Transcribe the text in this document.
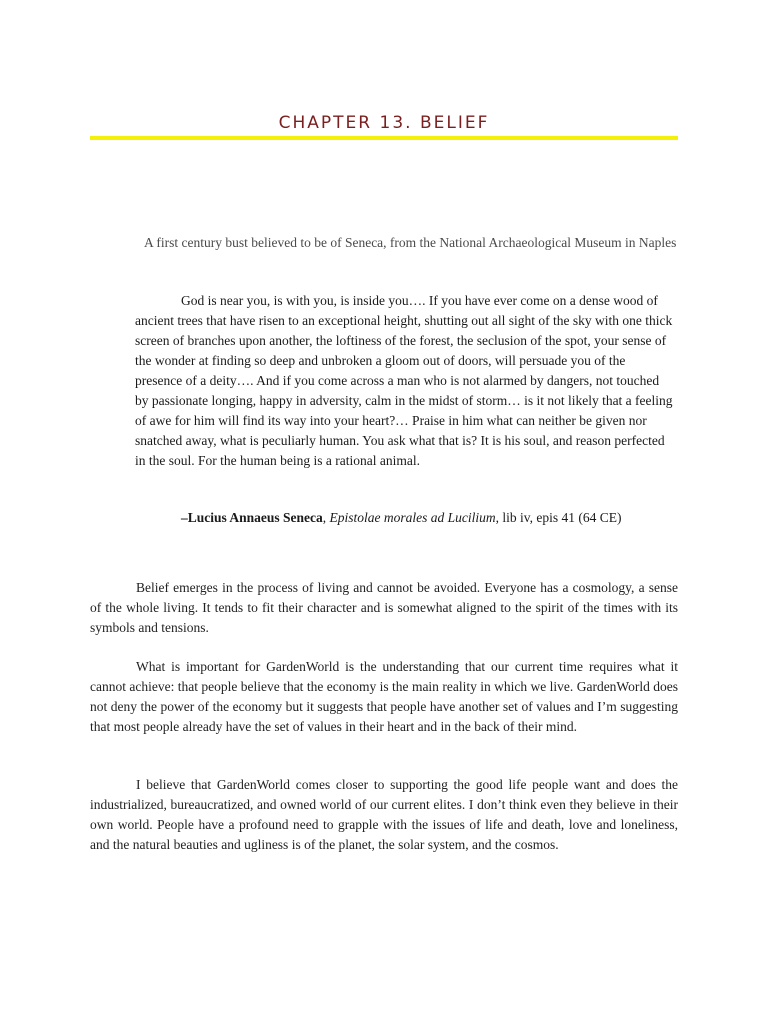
CHAPTER 13. BELIEF
A first century bust believed to be of Seneca, from the National Archaeological Museum in Naples
God is near you, is with you, is inside you…. If you have ever come on a dense wood of ancient trees that have risen to an exceptional height, shutting out all sight of the sky with one thick screen of branches upon another, the loftiness of the forest, the seclusion of the spot, your sense of the wonder at finding so deep and unbroken a gloom out of doors, will persuade you of the presence of a deity…. And if you come across a man who is not alarmed by dangers, not touched by passionate longing, happy in adversity, calm in the midst of storm… is it not likely that a feeling of awe for him will find its way into your heart?… Praise in him what can neither be given nor snatched away, what is peculiarly human. You ask what that is? It is his soul, and reason perfected in the soul. For the human being is a rational animal.
–Lucius Annaeus Seneca, Epistolae morales ad Lucilium, lib iv, epis 41 (64 CE)

Belief emerges in the process of living and cannot be avoided. Everyone has a cosmology, a sense of the whole living. It tends to fit their character and is somewhat aligned to the spirit of the times with its symbols and tensions.

What is important for GardenWorld is the understanding that our current time requires what it cannot achieve: that people believe that the economy is the main reality in which we live. GardenWorld does not deny the power of the economy but it suggests that people have another set of values and I’m suggesting that most people already have the set of values in their heart and in the back of their mind.

I believe that GardenWorld comes closer to supporting the good life people want and does the industrialized, bureaucratized, and owned world of our current elites. I don’t think even they believe in their own world. People have a profound need to grapple with the issues of life and death, love and loneliness, and the natural beauties and ugliness is of the planet, the solar system, and the cosmos.
